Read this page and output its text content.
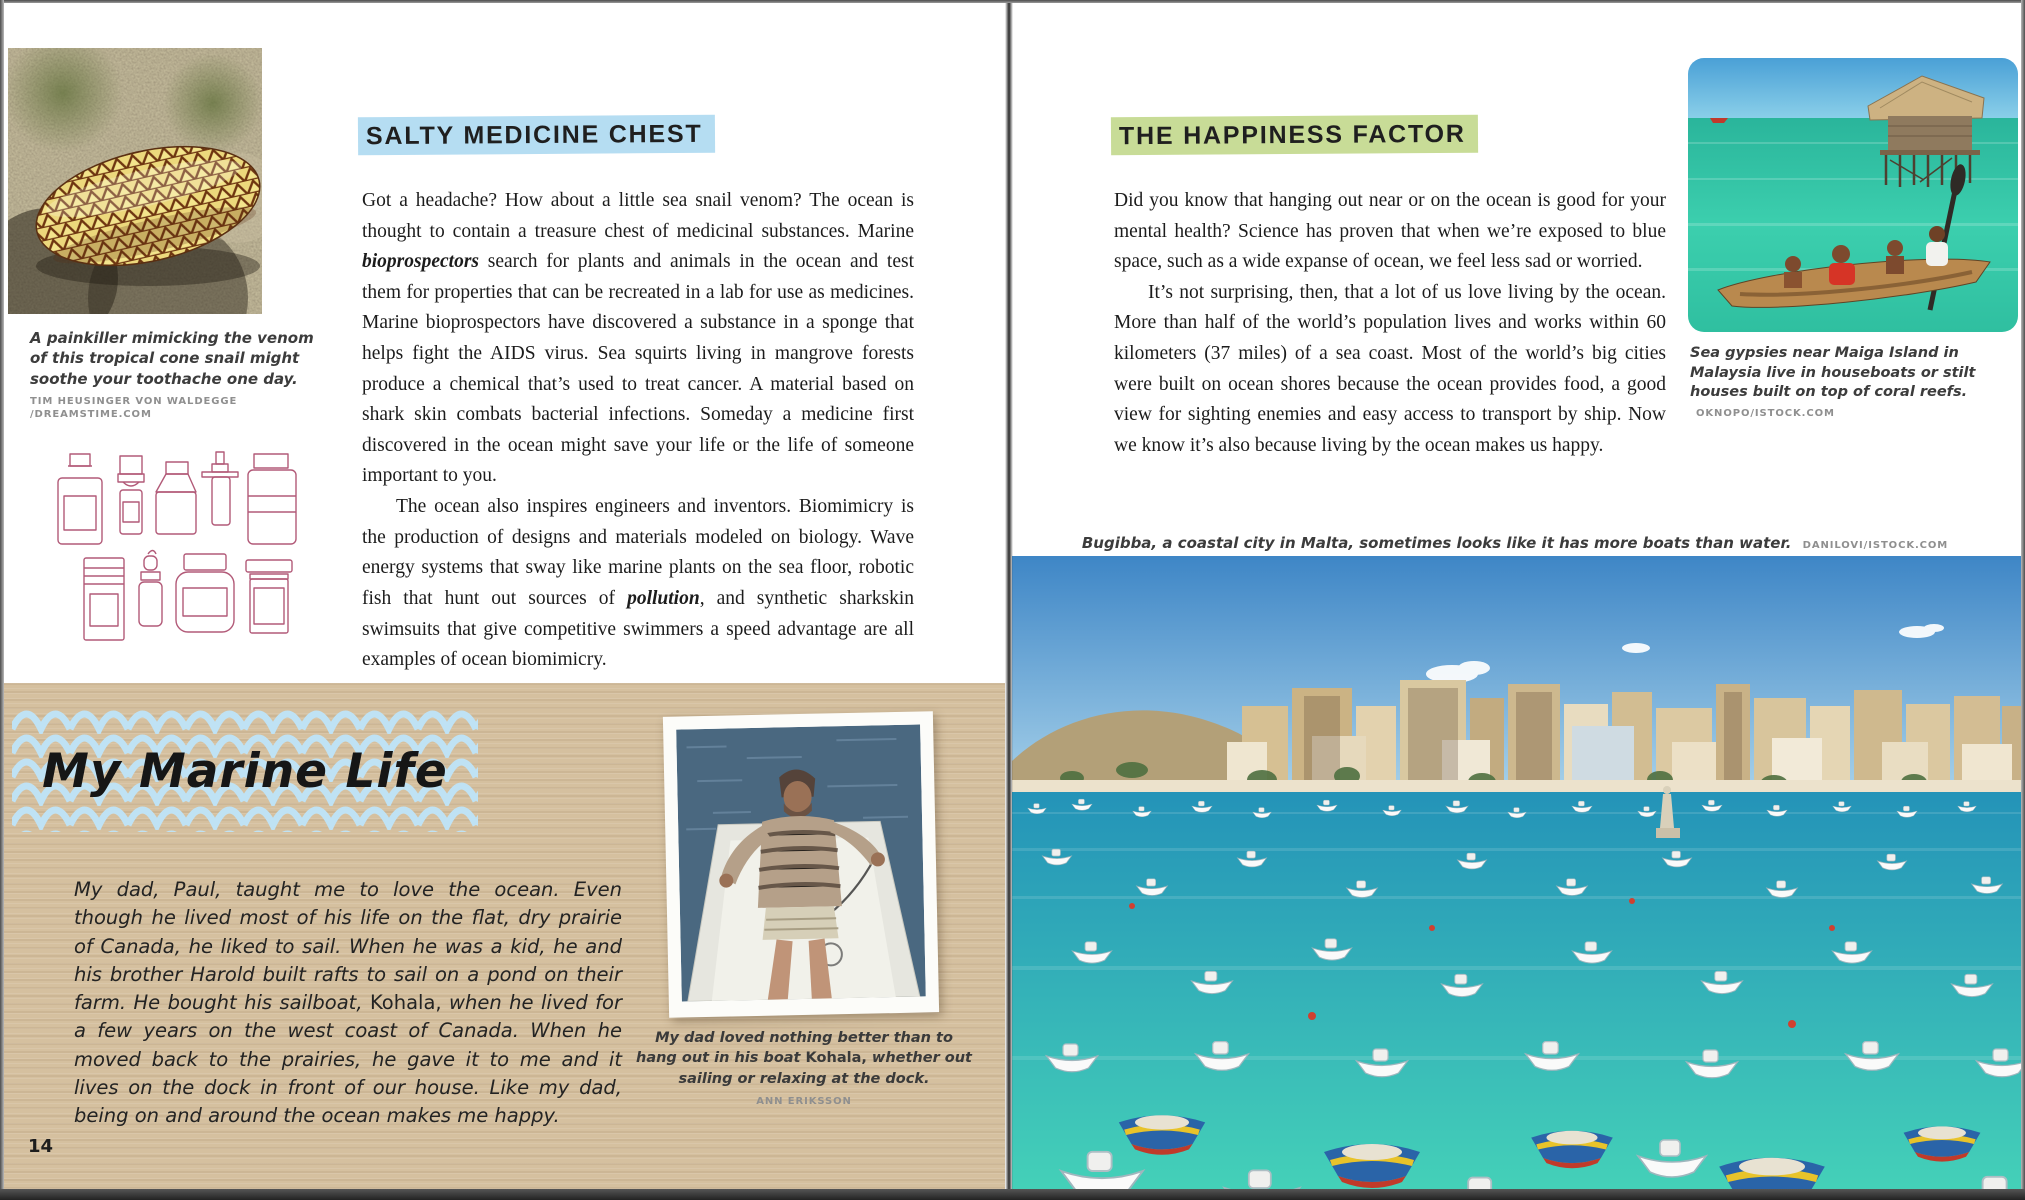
A painkiller mimicking the venom of this tropical cone snail might soothe your toothache one day.
TIM HEUSINGER VON WALDEGGE /DREAMSTIME.COM
SALTY MEDICINE CHEST

Got a headache? How about a little sea snail venom? The ocean is thought to contain a treasure chest of medicinal substances. Marine bioprospectors search for plants and animals in the ocean and test them for properties that can be recreated in a lab for use as medicines. Marine bioprospectors have discovered a substance in a sponge that helps fight the AIDS virus. Sea squirts living in mangrove forests produce a chemical that’s used to treat cancer. A material based on shark skin combats bacterial infections. Someday a medicine first discovered in the ocean might save your life or the life of someone important to you.

The ocean also inspires engineers and inventors. Biomimicry is the production of designs and materials modeled on biology. Wave energy systems that sway like marine plants on the sea floor, robotic fish that hunt out sources of pollution, and synthetic sharkskin swimsuits that give competitive swimmers a speed advantage are all examples of ocean biomimicry.

My Marine Life
My dad, Paul, taught me to love the ocean. Even though he lived most of his life on the flat, dry prairie of Canada, he liked to sail. When he was a kid, he and his brother Harold built rafts to sail on a pond on their farm. He bought his sailboat, Kohala, when he lived for a few years on the west coast of Canada. When he moved back to the prairies, he gave it to me and it lives on the dock in front of our house. Like my dad, being on and around the ocean makes me happy.
My dad loved nothing better than to hang out in his boat Kohala, whether out sailing or relaxing at the dock.
ANN ERIKSSON
14
THE HAPPINESS FACTOR

Did you know that hanging out near or on the ocean is good for your mental health? Science has proven that when we’re exposed to blue space, such as a wide expanse of ocean, we feel less sad or worried.

It’s not surprising, then, that a lot of us love living by the ocean. More than half of the world’s population lives and works within 60 kilometers (37 miles) of a sea coast. Most of the world’s big cities were built on ocean shores because the ocean provides food, a good view for sighting enemies and easy access to transport by ship. Now we know it’s also because living by the ocean makes us happy.

Sea gypsies near Maiga Island in Malaysia live in houseboats or stilt houses built on top of coral reefs. OKNOPO/ISTOCK.COM
Bugibba, a coastal city in Malta, sometimes looks like it has more boats than water. DANILOVI/ISTOCK.COM
